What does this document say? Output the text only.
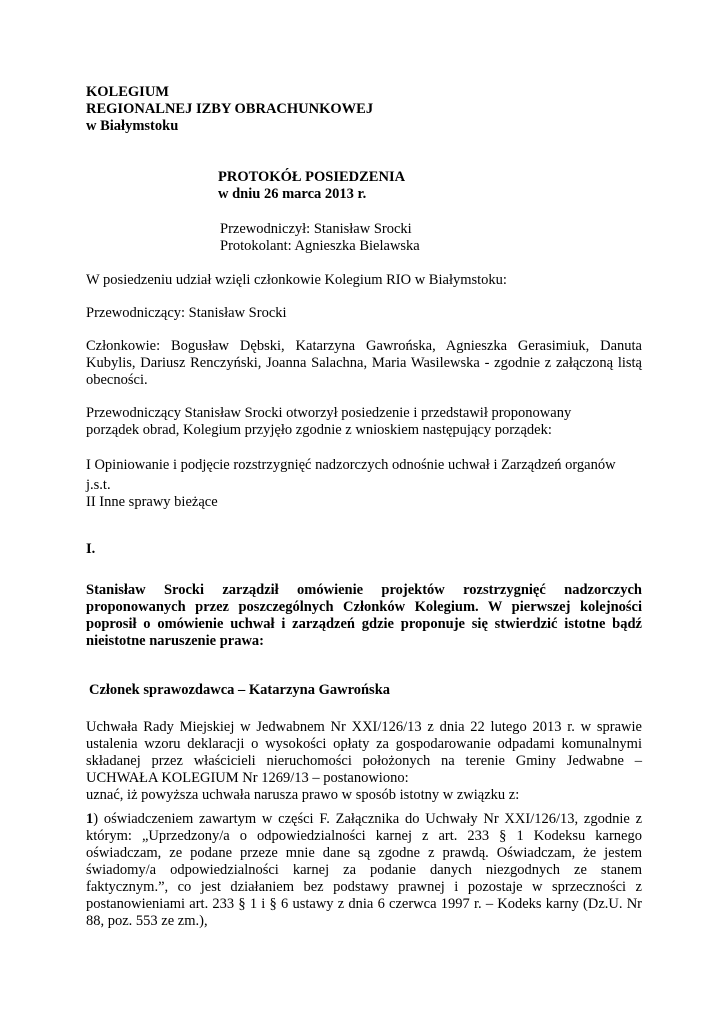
KOLEGIUM
REGIONALNEJ IZBY OBRACHUNKOWEJ
w Białymstoku
PROTOKÓŁ POSIEDZENIA
w dniu 26 marca 2013 r.
Przewodniczył: Stanisław Srocki
Protokolant: Agnieszka Bielawska
W posiedzeniu udział wzięli członkowie Kolegium RIO w Białymstoku:
Przewodniczący: Stanisław Srocki
Członkowie: Bogusław Dębski, Katarzyna Gawrońska, Agnieszka Gerasimiuk, Danuta
Kubylis, Dariusz Renczyński, Joanna Salachna, Maria Wasilewska - zgodnie z załączoną listą
obecności.
Przewodniczący Stanisław Srocki otworzył posiedzenie i przedstawił proponowany
porządek obrad, Kolegium przyjęło zgodnie z wnioskiem następujący porządek:
I Opiniowanie i podjęcie rozstrzygnięć nadzorczych odnośnie uchwał i Zarządzeń organów
j.s.t.
II Inne sprawy bieżące
I.
Stanisław Srocki zarządził omówienie projektów rozstrzygnięć nadzorczych
proponowanych przez poszczególnych Członków Kolegium. W pierwszej kolejności
poprosił o omówienie uchwał i zarządzeń gdzie proponuje się stwierdzić istotne bądź
nieistotne naruszenie prawa:
Członek sprawozdawca – Katarzyna Gawrońska
Uchwała Rady Miejskiej w Jedwabnem Nr XXI/126/13 z dnia 22 lutego 2013 r. w sprawie
ustalenia wzoru deklaracji o wysokości opłaty za gospodarowanie odpadami komunalnymi
składanej przez właścicieli nieruchomości położonych na terenie Gminy Jedwabne –
UCHWAŁA KOLEGIUM Nr 1269/13 – postanowiono:
uznać, iż powyższa uchwała narusza prawo w sposób istotny w związku z:
1) oświadczeniem zawartym w części F. Załącznika do Uchwały Nr XXI/126/13, zgodnie z
którym: „Uprzedzony/a o odpowiedzialności karnej z art. 233 § 1 Kodeksu karnego
oświadczam, ze podane przeze mnie dane są zgodne z prawdą. Oświadczam, że jestem
świadomy/a odpowiedzialności karnej za podanie danych niezgodnych ze stanem
faktycznym.”, co jest działaniem bez podstawy prawnej i pozostaje w sprzeczności z
postanowieniami art. 233 § 1 i § 6 ustawy z dnia 6 czerwca 1997 r. – Kodeks karny (Dz.U. Nr
88, poz. 553 ze zm.),
